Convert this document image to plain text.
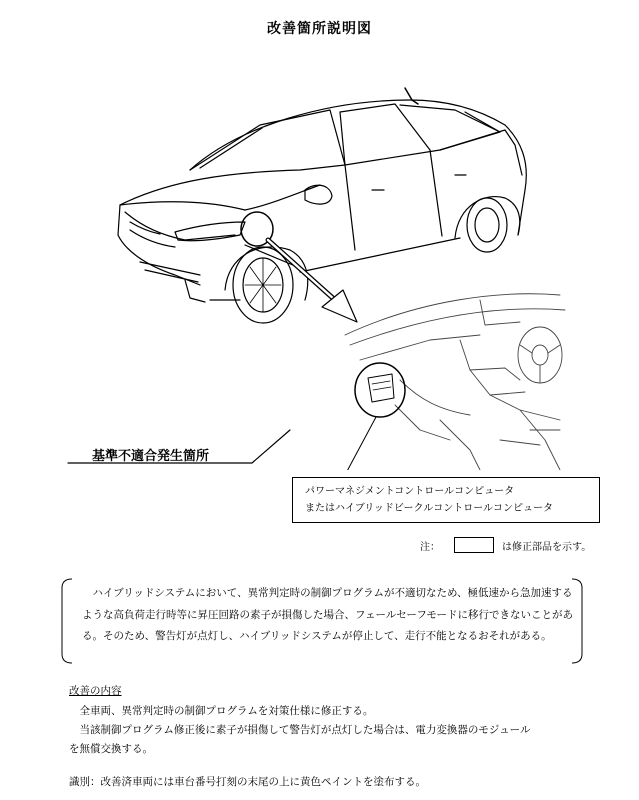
改善箇所説明図
基準不適合発生箇所
パワーマネジメントコントロールコンピュータ
またはハイブリッドビークルコントロールコンピュータ
注：	は修正部品を示す。
ハイブリッドシステムにおいて、異常判定時の制御プログラムが不適切なため、極低速から急加速するような高負荷走行時等に昇圧回路の素子が損傷した場合、フェールセーフモードに移行できないことがある。そのため、警告灯が点灯し、ハイブリッドシステムが停止して、走行不能となるおそれがある。
改善の内容

全車両、異常判定時の制御プログラムを対策仕様に修正する。

当該制御プログラム修正後に素子が損傷して警告灯が点灯した場合は、電力変換器のモジュール

を無償交換する。

識別：改善済車両には車台番号打刻の末尾の上に黄色ペイントを塗布する。
